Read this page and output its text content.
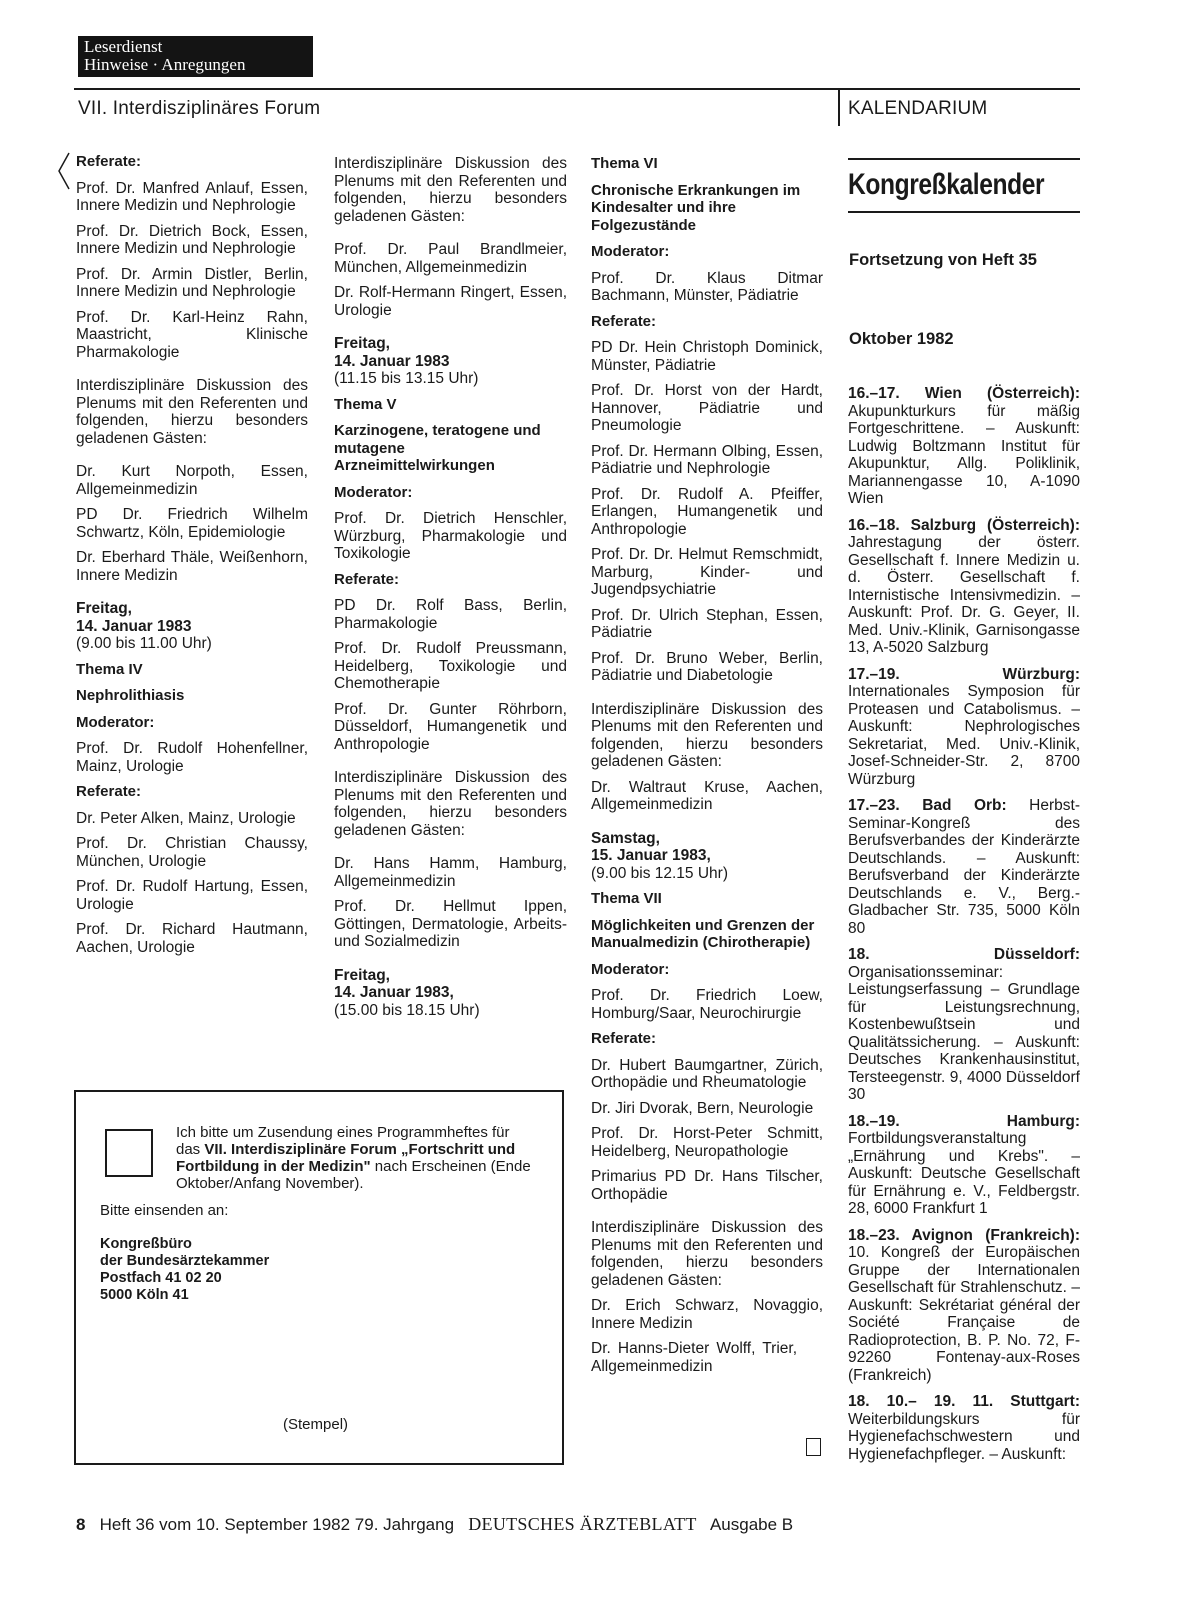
Leserdienst
Hinweise · Anregungen
VII. Interdisziplinäres Forum	KALENDARIUM
Referate:

Prof. Dr. Manfred Anlauf, Essen, Innere Medizin und Nephrologie

Prof. Dr. Dietrich Bock, Essen, Innere Medizin und Nephrologie

Prof. Dr. Armin Distler, Berlin, Innere Medizin und Nephrologie

Prof. Dr. Karl-Heinz Rahn, Maastricht, Klinische Pharmakologie

Interdisziplinäre Diskussion des Plenums mit den Referenten und folgenden, hierzu besonders geladenen Gästen:

Dr. Kurt Norpoth, Essen, Allgemeinmedizin

PD Dr. Friedrich Wilhelm Schwartz, Köln, Epidemiologie

Dr. Eberhard Thäle, Weißenhorn, Innere Medizin

Freitag,
14. Januar 1983

(9.00 bis 11.00 Uhr)

Thema IV
Nephrolithiasis
Moderator:

Prof. Dr. Rudolf Hohenfellner, Mainz, Urologie

Referate:

Dr. Peter Alken, Mainz, Urologie

Prof. Dr. Christian Chaussy, München, Urologie

Prof. Dr. Rudolf Hartung, Essen, Urologie

Prof. Dr. Richard Hautmann, Aachen, Urologie

Interdisziplinäre Diskussion des Plenums mit den Referenten und folgenden, hierzu besonders geladenen Gästen:

Prof. Dr. Paul Brandlmeier, München, Allgemeinmedizin

Dr. Rolf-Hermann Ringert, Essen, Urologie

Freitag,
14. Januar 1983

(11.15 bis 13.15 Uhr)

Thema V
Karzinogene, teratogene und mutagene Arzneimittelwirkungen
Moderator:

Prof. Dr. Dietrich Henschler, Würzburg, Pharmakologie und Toxikologie

Referate:

PD Dr. Rolf Bass, Berlin, Pharmakologie

Prof. Dr. Rudolf Preussmann, Heidelberg, Toxikologie und Chemotherapie

Prof. Dr. Gunter Röhrborn, Düsseldorf, Humangenetik und Anthropologie

Interdisziplinäre Diskussion des Plenums mit den Referenten und folgenden, hierzu besonders geladenen Gästen:

Dr. Hans Hamm, Hamburg, Allgemeinmedizin

Prof. Dr. Hellmut Ippen, Göttingen, Dermatologie, Arbeits- und Sozialmedizin

Freitag,
14. Januar 1983,

(15.00 bis 18.15 Uhr)

Thema VI
Chronische Erkrankungen im Kindesalter und ihre Folgezustände
Moderator:

Prof. Dr. Klaus Ditmar Bachmann, Münster, Pädiatrie

Referate:

PD Dr. Hein Christoph Dominick, Münster, Pädiatrie

Prof. Dr. Horst von der Hardt, Hannover, Pädiatrie und Pneumologie

Prof. Dr. Hermann Olbing, Essen, Pädiatrie und Nephrologie

Prof. Dr. Rudolf A. Pfeiffer, Erlangen, Humangenetik und Anthropologie

Prof. Dr. Dr. Helmut Remschmidt, Marburg, Kinder- und Jugendpsychiatrie

Prof. Dr. Ulrich Stephan, Essen, Pädiatrie

Prof. Dr. Bruno Weber, Berlin, Pädiatrie und Diabetologie

Interdisziplinäre Diskussion des Plenums mit den Referenten und folgenden, hierzu besonders geladenen Gästen:

Dr. Waltraut Kruse, Aachen, Allgemeinmedizin

Samstag,
15. Januar 1983,

(9.00 bis 12.15 Uhr)

Thema VII
Möglichkeiten und Grenzen der Manualmedizin (Chirotherapie)
Moderator:

Prof. Dr. Friedrich Loew, Homburg/Saar, Neurochirurgie

Referate:

Dr. Hubert Baumgartner, Zürich, Orthopädie und Rheumatologie

Dr. Jiri Dvorak, Bern, Neurologie

Prof. Dr. Horst-Peter Schmitt, Heidelberg, Neuropathologie

Primarius PD Dr. Hans Tilscher, Orthopädie

Interdisziplinäre Diskussion des Plenums mit den Referenten und folgenden, hierzu besonders geladenen Gästen:

Dr. Erich Schwarz, Novaggio, Innere Medizin

Dr. Hanns-Dieter Wolff, Trier, Allgemeinmedizin

Kongreßkalender
Fortsetzung von Heft 35
Oktober 1982

16.–17. Wien (Österreich): Akupunkturkurs für mäßig Fortgeschrittene. – Auskunft: Ludwig Boltzmann Institut für Akupunktur, Allg. Poliklinik, Mariannengasse 10, A-1090 Wien

16.–18. Salzburg (Österreich): Jahrestagung der österr. Gesellschaft f. Innere Medizin u. d. Österr. Gesellschaft f. Internistische Intensivmedizin. – Auskunft: Prof. Dr. G. Geyer, II. Med. Univ.-Klinik, Garnisongasse 13, A-5020 Salzburg

17.–19. Würzburg: Internationales Symposion für Proteasen und Catabolismus. – Auskunft: Nephrologisches Sekretariat, Med. Univ.-Klinik, Josef-Schneider-Str. 2, 8700 Würzburg

17.–23. Bad Orb: Herbst-Seminar-Kongreß des Berufsverbandes der Kinderärzte Deutschlands. – Auskunft: Berufsverband der Kinderärzte Deutschlands e. V., Berg.-Gladbacher Str. 735, 5000 Köln 80

18. Düsseldorf: Organisationsseminar: Leistungserfassung – Grundlage für Leistungsrechnung, Kostenbewußtsein und Qualitätssicherung. – Auskunft: Deutsches Krankenhausinstitut, Tersteegenstr. 9, 4000 Düsseldorf 30

18.–19. Hamburg: Fortbildungsveranstaltung „Ernährung und Krebs". – Auskunft: Deutsche Gesellschaft für Ernährung e. V., Feldbergstr. 28, 6000 Frankfurt 1

18.–23. Avignon (Frankreich): 10. Kongreß der Europäischen Gruppe der Internationalen Gesellschaft für Strahlenschutz. – Auskunft: Sekrétariat général der Société Française de Radioprotection, B. P. No. 72, F-92260 Fontenay-aux-Roses (Frankreich)

18. 10.– 19. 11. Stuttgart: Weiterbildungskurs für Hygienefachschwestern und Hygienefachpfleger. – Auskunft:

Ich bitte um Zusendung eines Programmheftes für das VII. Interdisziplinäre Forum „Fortschritt und Fortbildung in der Medizin" nach Erscheinen (Ende Oktober/Anfang November).
Bitte einsenden an:
Kongreßbüro
der Bundesärztekammer
Postfach 41 02 20
5000 Köln 41
(Stempel)
8 Heft 36 vom 10. September 1982 79. Jahrgang DEUTSCHES ÄRZTEBLATT Ausgabe B
